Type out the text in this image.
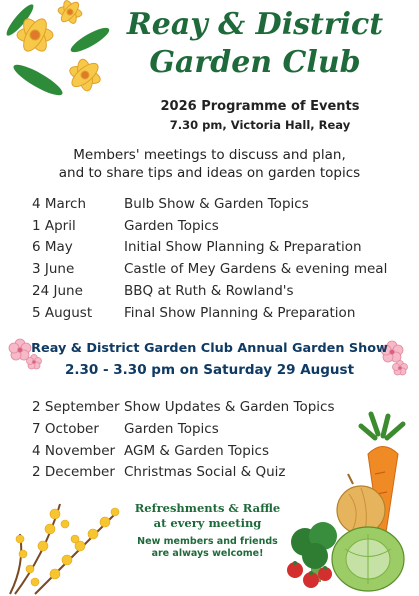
Reay & District
Garden Club
2026 Programme of Events
7.30 pm, Victoria Hall, Reay
Members' meetings to discuss and plan,
and to share tips and ideas on garden topics
4 March	Bulb Show & Garden Topics
1 April	Garden Topics
6 May	Initial Show Planning & Preparation
3 June	Castle of Mey Gardens & evening meal
24 June	BBQ at Ruth & Rowland's
5 August Final Show Planning & Preparation
Reay & District Garden Club Annual Garden Show
2.30 - 3.30 pm on Saturday 29 August
2 September Show Updates & Garden Topics
7 October Garden Topics
4 November AGM & Garden Topics
2 December Christmas Social & Quiz
Refreshments & Raffle
at every meeting
New members and friends
are always welcome!
